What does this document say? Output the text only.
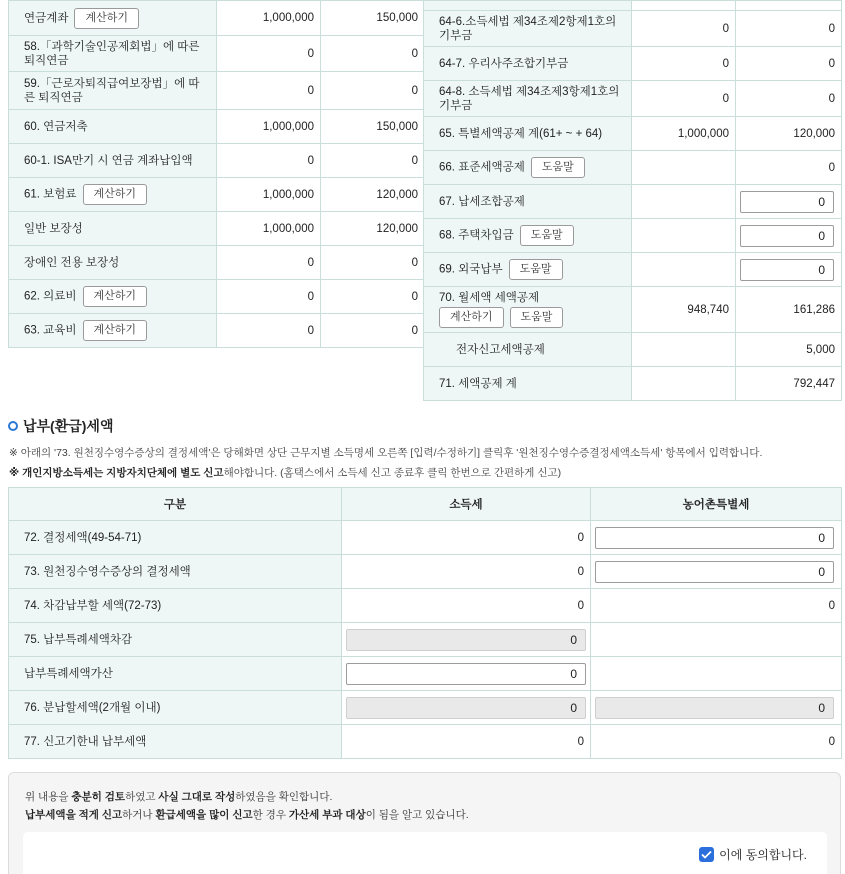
연금계좌 계산하기	1,000,000	150,000
58.「과학기술인공제회법」에 따른 퇴직연금	0	0
59.「근로자퇴직급여보장법」에 따른 퇴직연금	0	0
60. 연금저축	1,000,000	150,000
60-1. ISA만기 시 연금 계좌납입액	0	0
61. 보험료 계산하기	1,000,000	120,000
일반 보장성	1,000,000	120,000
장애인 전용 보장성	0	0
62. 의료비 계산하기	0	0
63. 교육비 계산하기	0	0

64-6.소득세법 제34조제2항제1호의 기부금	0	0
64-7. 우리사주조합기부금	0	0
64-8. 소득세법 제34조제3항제1호의 기부금	0	0
65. 특별세액공제 계(61+ ~ + 64)	1,000,000	120,000
66. 표준세액공제 도움말		0
67. 납세조합공제		0
68. 주택차입금 도움말		0
69. 외국납부 도움말		0

70. 월세액 세액공제
계산하기 도움말	948,740	161,286
전자신고세액공제		5,000
71. 세액공제 계		792,447
납부(환급)세액
※ 아래의 '73. 원천징수영수증상의 결정세액'은 당해화면 상단 근무지별 소득명세 오른쪽 [입력/수정하기] 클릭후 '원천징수영수증결정세액소득세' 항목에서 입력합니다.
※ 개인지방소득세는 지방자치단체에 별도 신고해야합니다. (홈택스에서 소득세 신고 종료후 클릭 한번으로 간편하게 신고)
구분	소득세	농어촌특별세
72. 결정세액(49-54-71)	0	0
73. 원천징수영수증상의 결정세액	0	0
74. 차감납부할 세액(72-73)	0	0
75. 납부특례세액차감	0	
납부특례세액가산	0	
76. 분납할세액(2개월 이내)	0	0
77. 신고기한내 납부세액	0	0
위 내용을 충분히 검토하였고 사실 그대로 작성하였음을 확인합니다.
납부세액을 적게 신고하거나 환급세액을 많이 신고한 경우 가산세 부과 대상이 됨을 알고 있습니다.
이에 동의합니다.
